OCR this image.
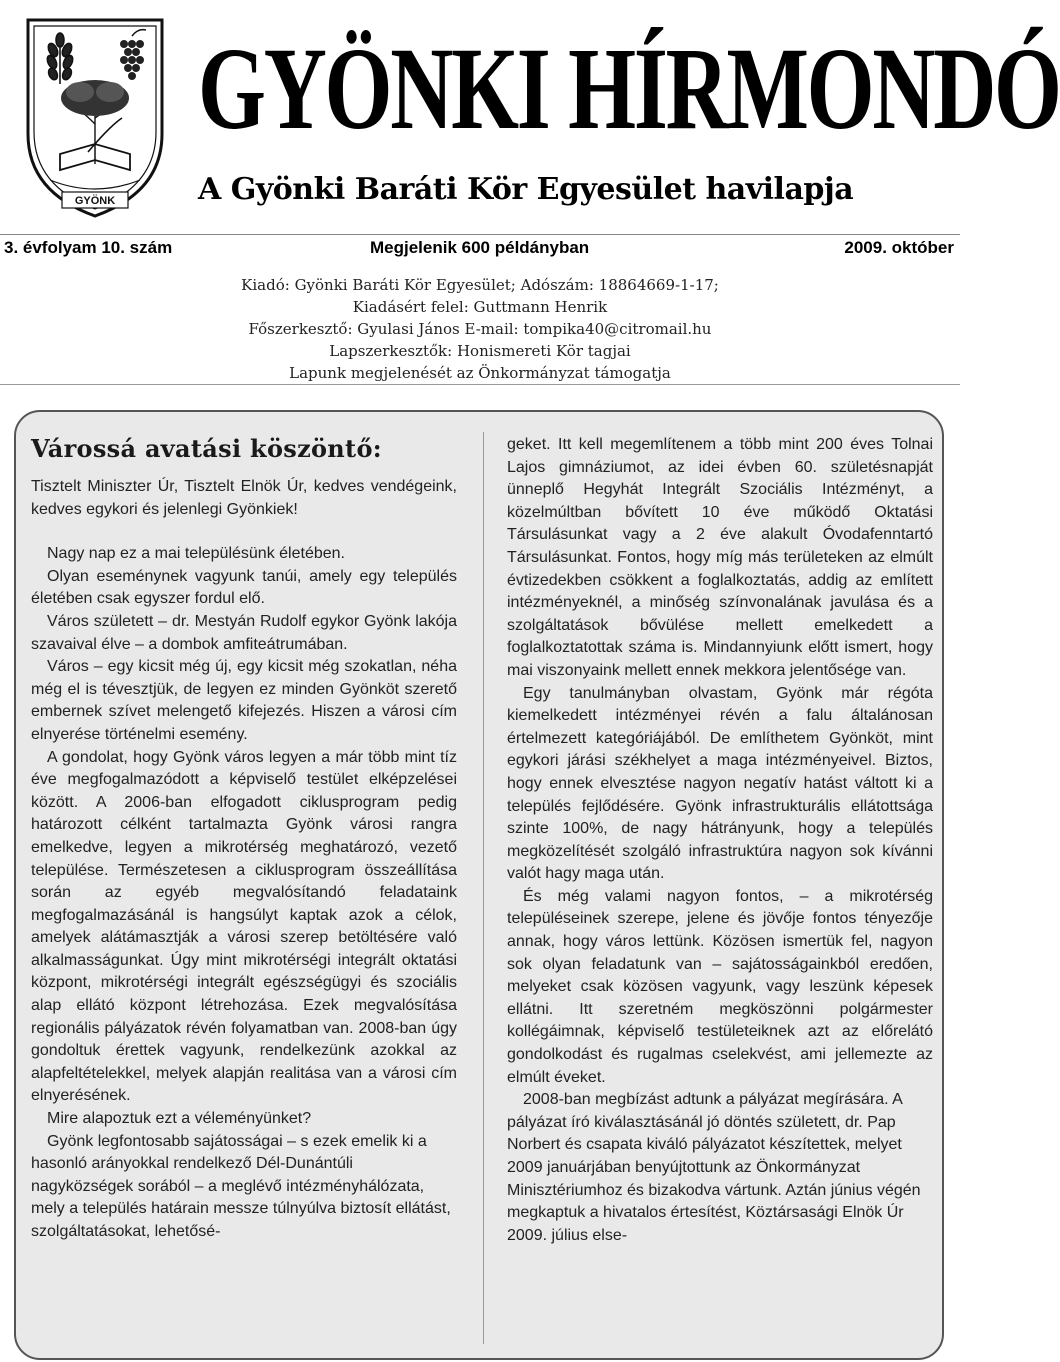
GYÖNK
GYÖNKI HÍRMONDÓ
A Gyönki Baráti Kör Egyesület havilapja
3. évfolyam 10. szám	Megjelenik 600 példányban	2009. október
Kiadó: Gyönki Baráti Kör Egyesület; Adószám: 18864669-1-17;
Kiadásért felel: Guttmann Henrik
Főszerkesztő: Gyulasi János E-mail: tompika40@citromail.hu
Lapszerkesztők: Honismereti Kör tagjai
Lapunk megjelenését az Önkormányzat támogatja
Várossá avatási köszöntő:

Tisztelt Miniszter Úr, Tisztelt Elnök Úr, kedves vendégeink, kedves egykori és jelenlegi Gyönkiek!

Nagy nap ez a mai településünk életében.

Olyan eseménynek vagyunk tanúi, amely egy település életében csak egyszer fordul elő.

Város született – dr. Mestyán Rudolf egykor Gyönk lakója szavaival élve – a dombok amfiteátrumában.

Város – egy kicsit még új, egy kicsit még szokatlan, néha még el is tévesztjük, de legyen ez minden Gyönköt szerető embernek szívet melengető kifejezés. Hiszen a városi cím elnyerése történelmi esemény.

A gondolat, hogy Gyönk város legyen a már több mint tíz éve megfogalmazódott a képviselő testület elképzelései között. A 2006-ban elfogadott ciklusprogram pedig határozott célként tartalmazta Gyönk városi rangra emelkedve, legyen a mikrotérség meghatározó, vezető települése. Természetesen a ciklusprogram összeállítása során az egyéb megvalósítandó feladataink megfogalmazásánál is hangsúlyt kaptak azok a célok, amelyek alátámasztják a városi szerep betöltésére való alkalmasságunkat. Úgy mint mikrotérségi integrált oktatási központ, mikrotérségi integrált egészségügyi és szociális alap ellátó központ létrehozása. Ezek megvalósítása regionális pályázatok révén folyamatban van. 2008-ban úgy gondoltuk érettek vagyunk, rendelkezünk azokkal az alapfeltételekkel, melyek alapján realitása van a városi cím elnyerésének.

Mire alapoztuk ezt a véleményünket?

Gyönk legfontosabb sajátosságai – s ezek emelik ki a hasonló arányokkal rendelkező Dél-Dunántúli nagyközségek sorából – a meglévő intézményhálózata, mely a település határain messze túlnyúlva biztosít ellátást, szolgáltatásokat, lehetősé-

geket. Itt kell megemlítenem a több mint 200 éves Tolnai Lajos gimnáziumot, az idei évben 60. születésnapját ünneplő Hegyhát Integrált Szociális Intézményt, a közelmúltban bővített 10 éve működő Oktatási Társulásunkat vagy a 2 éve alakult Óvodafenntartó Társulásunkat. Fontos, hogy míg más területeken az elmúlt évtizedekben csökkent a foglalkoztatás, addig az említett intézményeknél, a minőség színvonalának javulása és a szolgáltatások bővülése mellett emelkedett a foglalkoztatottak száma is. Mindannyiunk előtt ismert, hogy mai viszonyaink mellett ennek mekkora jelentősége van.

Egy tanulmányban olvastam, Gyönk már régóta kiemelkedett intézményei révén a falu általánosan értelmezett kategóriájából. De említhetem Gyönköt, mint egykori járási székhelyet a maga intézményeivel. Biztos, hogy ennek elvesztése nagyon negatív hatást váltott ki a település fejlődésére. Gyönk infrastrukturális ellátottsága szinte 100%, de nagy hátrányunk, hogy a település megközelítését szolgáló infrastruktúra nagyon sok kívánni valót hagy maga után.

És még valami nagyon fontos, – a mikrotérség településeinek szerepe, jelene és jövője fontos tényezője annak, hogy város lettünk. Közösen ismertük fel, nagyon sok olyan feladatunk van – sajátosságainkból eredően, melyeket csak közösen vagyunk, vagy leszünk képesek ellátni. Itt szeretném megköszönni polgármester kollégáimnak, képviselő testületeiknek azt az előrelátó gondolkodást és rugalmas cselekvést, ami jellemezte az elmúlt éveket.

2008-ban megbízást adtunk a pályázat megírására. A pályázat író kiválasztásánál jó döntés született, dr. Pap Norbert és csapata kiváló pályázatot készítettek, melyet 2009 januárjában benyújtottunk az Önkormányzat Minisztériumhoz és bizakodva vártunk. Aztán június végén megkaptuk a hivatalos értesítést, Köztársasági Elnök Úr 2009. július else-
